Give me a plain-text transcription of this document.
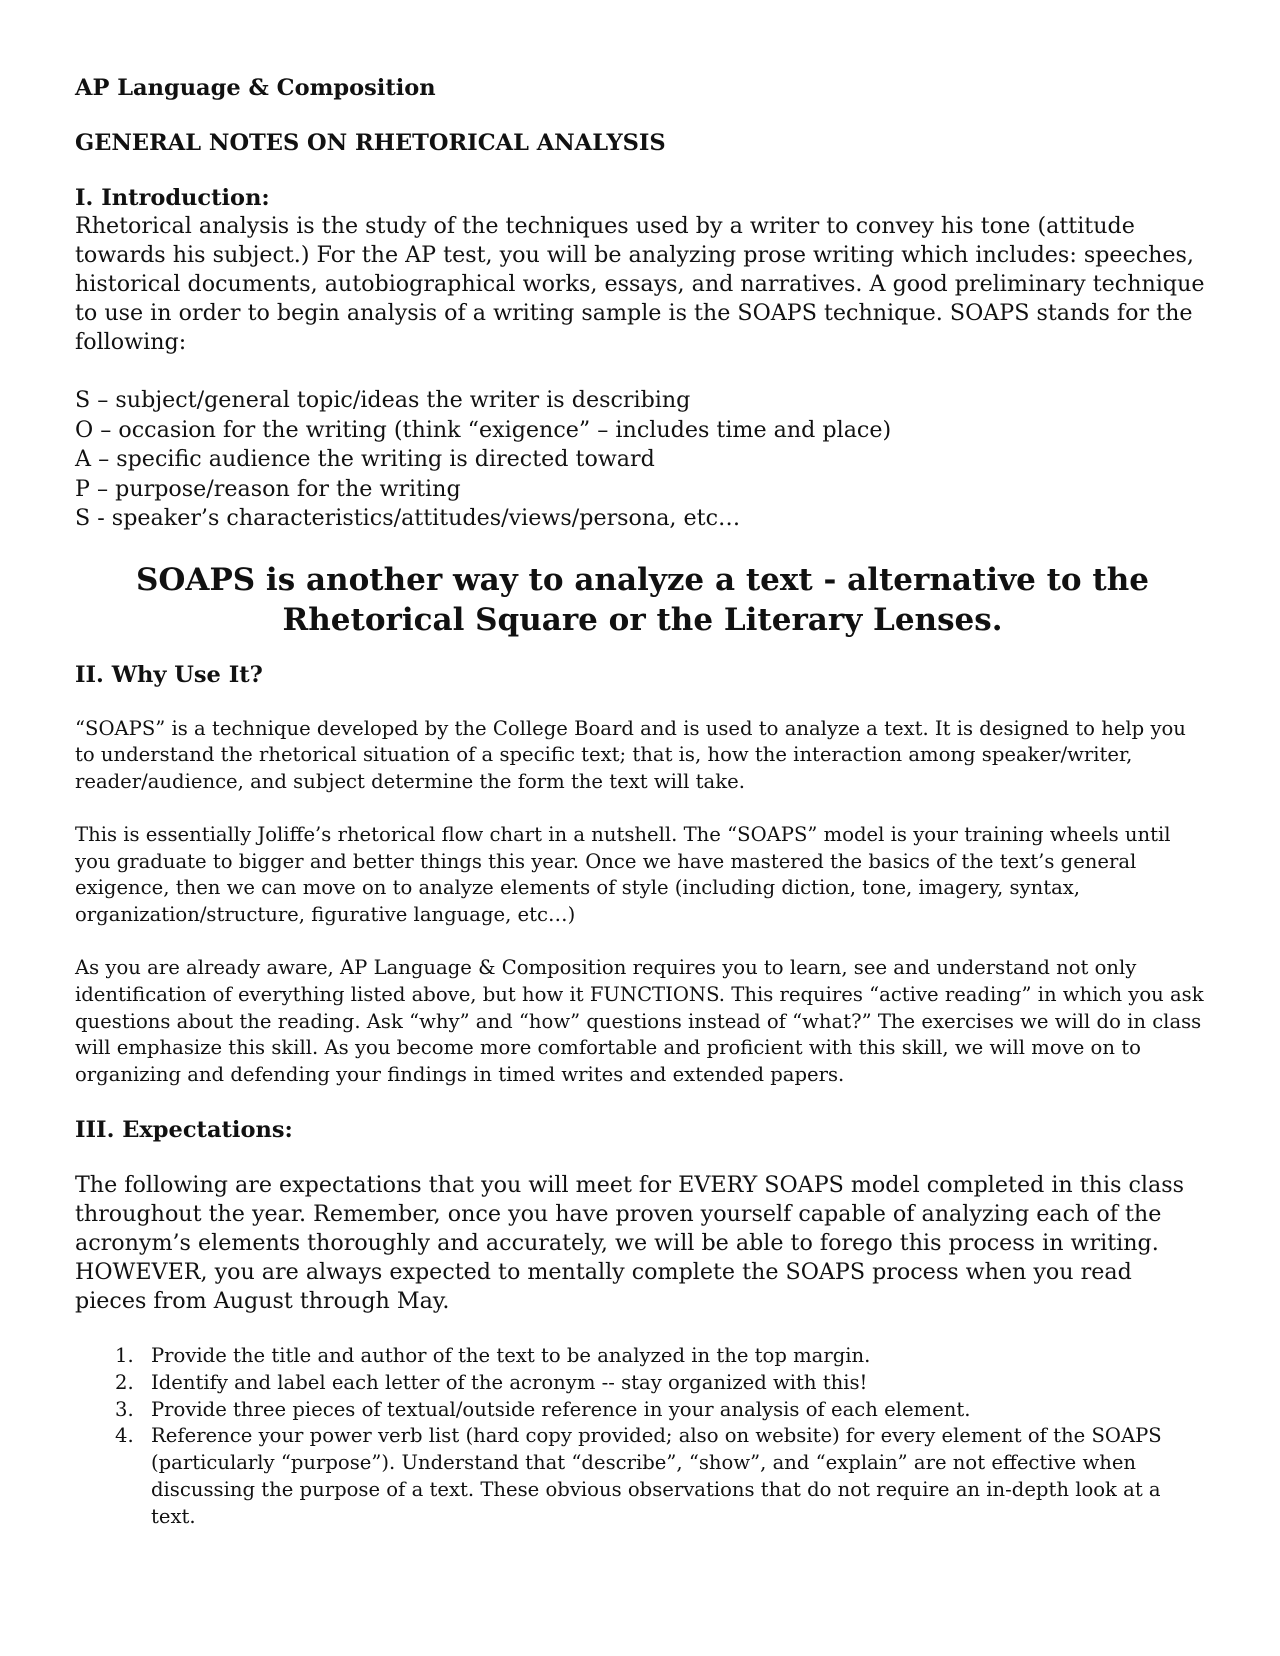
AP Language & Composition

GENERAL NOTES ON RHETORICAL ANALYSIS

I. Introduction:

Rhetorical analysis is the study of the techniques used by a writer to convey his tone (attitude towards his subject.) For the AP test, you will be analyzing prose writing which includes: speeches, historical documents, autobiographical works, essays, and narratives. A good preliminary technique to use in order to begin analysis of a writing sample is the SOAPS technique. SOAPS stands for the following:

S – subject/general topic/ideas the writer is describing
O – occasion for the writing (think “exigence” – includes time and place)
A – specific audience the writing is directed toward
P – purpose/reason for the writing
S - speaker’s characteristics/attitudes/views/persona, etc…

SOAPS is another way to analyze a text - alternative to the Rhetorical Square or the Literary Lenses.

II. Why Use It?

“SOAPS” is a technique developed by the College Board and is used to analyze a text. It is designed to help you to understand the rhetorical situation of a specific text; that is, how the interaction among speaker/writer, reader/audience, and subject determine the form the text will take.

This is essentially Joliffe’s rhetorical flow chart in a nutshell. The “SOAPS” model is your training wheels until you graduate to bigger and better things this year. Once we have mastered the basics of the text’s general exigence, then we can move on to analyze elements of style (including diction, tone, imagery, syntax, organization/structure, figurative language, etc…)

As you are already aware, AP Language & Composition requires you to learn, see and understand not only identification of everything listed above, but how it FUNCTIONS. This requires “active reading” in which you ask questions about the reading. Ask “why” and “how” questions instead of “what?” The exercises we will do in class will emphasize this skill. As you become more comfortable and proficient with this skill, we will move on to organizing and defending your findings in timed writes and extended papers.

III. Expectations:

The following are expectations that you will meet for EVERY SOAPS model completed in this class throughout the year. Remember, once you have proven yourself capable of analyzing each of the acronym’s elements thoroughly and accurately, we will be able to forego this process in writing. HOWEVER, you are always expected to mentally complete the SOAPS process when you read pieces from August through May.

1. Provide the title and author of the text to be analyzed in the top margin.
2. Identify and label each letter of the acronym -- stay organized with this!
3. Provide three pieces of textual/outside reference in your analysis of each element.
4. Reference your power verb list (hard copy provided; also on website) for every element of the SOAPS (particularly “purpose”). Understand that “describe”, “show”, and “explain” are not effective when discussing the purpose of a text. These obvious observations that do not require an in-depth look at a text.
